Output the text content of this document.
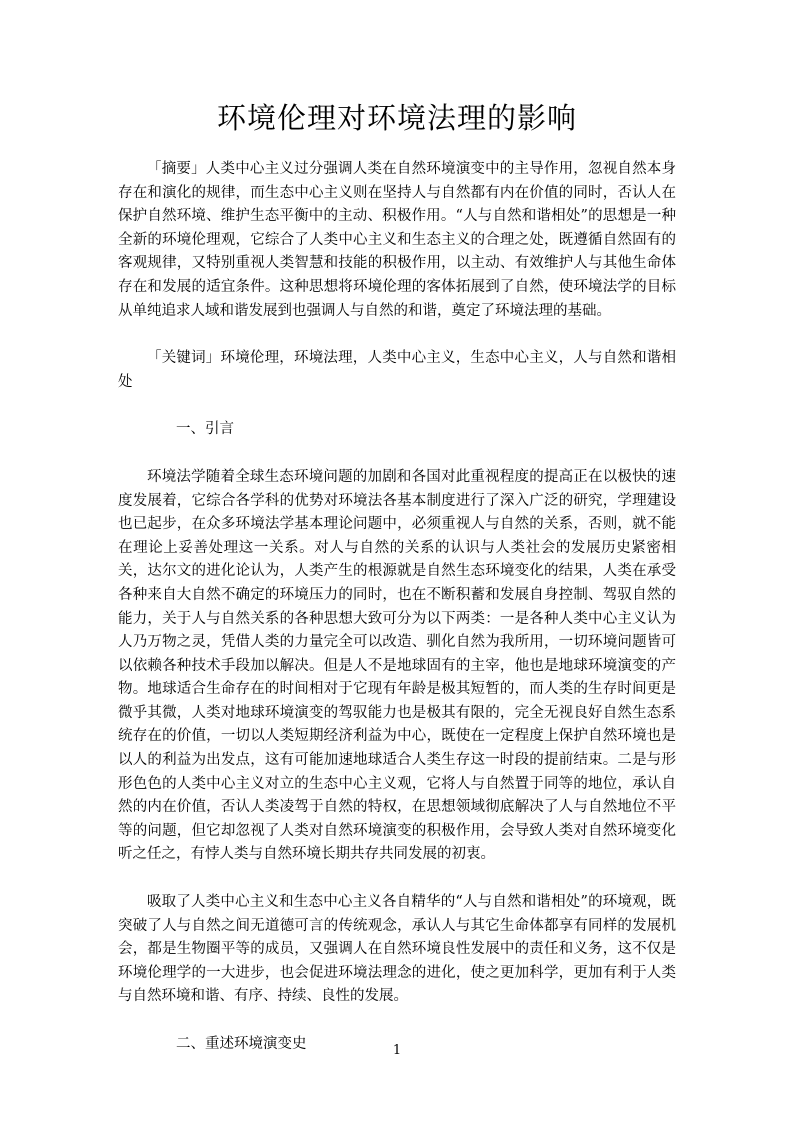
环境伦理对环境法理的影响

「摘要」人类中心主义过分强调人类在自然环境演变中的主导作用，忽视自然本身存在和演化的规律，而生态中心主义则在坚持人与自然都有内在价值的同时，否认人在保护自然环境、维护生态平衡中的主动、积极作用。“人与自然和谐相处”的思想是一种全新的环境伦理观，它综合了人类中心主义和生态主义的合理之处，既遵循自然固有的客观规律，又特别重视人类智慧和技能的积极作用，以主动、有效维护人与其他生命体存在和发展的适宜条件。这种思想将环境伦理的客体拓展到了自然，使环境法学的目标从单纯追求人域和谐发展到也强调人与自然的和谐，奠定了环境法理的基础。

「关键词」环境伦理，环境法理，人类中心主义，生态中心主义，人与自然和谐相处

一、引言

环境法学随着全球生态环境问题的加剧和各国对此重视程度的提高正在以极快的速度发展着，它综合各学科的优势对环境法各基本制度进行了深入广泛的研究，学理建设也已起步，在众多环境法学基本理论问题中，必须重视人与自然的关系，否则，就不能在理论上妥善处理这一关系。对人与自然的关系的认识与人类社会的发展历史紧密相关，达尔文的进化论认为，人类产生的根源就是自然生态环境变化的结果，人类在承受各种来自大自然不确定的环境压力的同时，也在不断积蓄和发展自身控制、驾驭自然的能力，关于人与自然关系的各种思想大致可分为以下两类：一是各种人类中心主义认为人乃万物之灵，凭借人类的力量完全可以改造、驯化自然为我所用，一切环境问题皆可以依赖各种技术手段加以解决。但是人不是地球固有的主宰，他也是地球环境演变的产物。地球适合生命存在的时间相对于它现有年龄是极其短暂的，而人类的生存时间更是微乎其微，人类对地球环境演变的驾驭能力也是极其有限的，完全无视良好自然生态系统存在的价值，一切以人类短期经济利益为中心，既使在一定程度上保护自然环境也是以人的利益为出发点，这有可能加速地球适合人类生存这一时段的提前结束。二是与形形色色的人类中心主义对立的生态中心主义观，它将人与自然置于同等的地位，承认自然的内在价值，否认人类凌驾于自然的特权，在思想领域彻底解决了人与自然地位不平等的问题，但它却忽视了人类对自然环境演变的积极作用，会导致人类对自然环境变化听之任之，有悖人类与自然环境长期共存共同发展的初衷。

吸取了人类中心主义和生态中心主义各自精华的“人与自然和谐相处”的环境观，既突破了人与自然之间无道德可言的传统观念，承认人与其它生命体都享有同样的发展机会，都是生物圈平等的成员，又强调人在自然环境良性发展中的责任和义务，这不仅是环境伦理学的一大进步，也会促进环境法理念的进化，使之更加科学，更加有利于人类与自然环境和谐、有序、持续、良性的发展。

二、重述环境演变史	1
